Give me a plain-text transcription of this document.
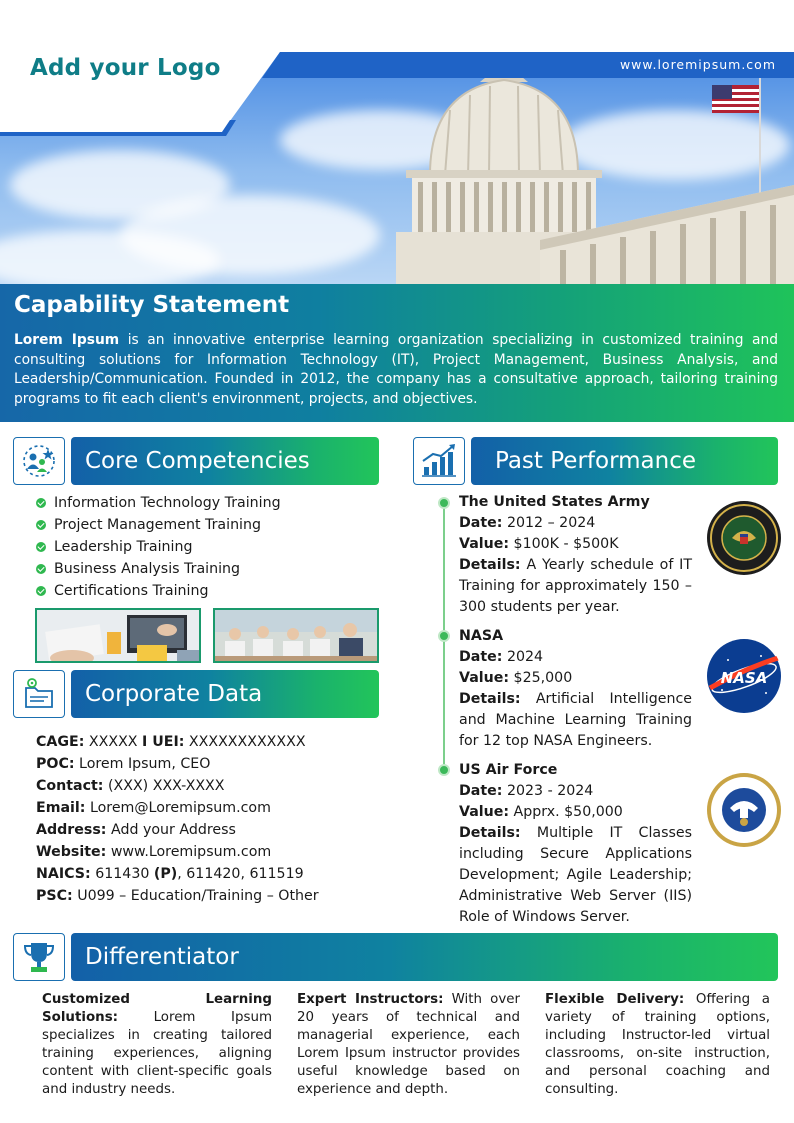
Add your Logo	www.loremipsum.com
Capability Statement

Lorem Ipsum is an innovative enterprise learning organization specializing in customized training and consulting solutions for Information Technology (IT), Project Management, Business Analysis, and Leadership/Communication. Founded in 2012, the company has a consultative approach, tailoring training programs to fit each client's environment, projects, and objectives.

Core Competencies
Information Technology Training
Project Management Training
Leadership Training
Business Analysis Training
Certifications Training
Corporate Data
CAGE: XXXXX I UEI: XXXXXXXXXXXX
POC: Lorem Ipsum, CEO
Contact: (XXX) XXX-XXXX
Email: Lorem@Loremipsum.com
Address: Add your Address
Website: www.Loremipsum.com
NAICS: 611430 (P), 611420, 611519
PSC: U099 – Education/Training – Other
Past Performance
The United States Army
Date: 2012 – 2024
Value: $100K - $500K
Details: A Yearly schedule of IT Training for approximately 150 – 300 students per year.
NASA
Date: 2024
Value: $25,000
Details: Artificial Intelligence and Machine Learning Training for 12 top NASA Engineers.
US Air Force
Date: 2023 - 2024
Value: Apprx. $50,000
Details: Multiple IT Classes including Secure Applications Development; Agile Leadership; Administrative Web Server (IIS) Role of Windows Server.
NASA
Differentiator
Customized Learning Solutions: Lorem Ipsum specializes in creating tailored training experiences, aligning content with client-specific goals and industry needs.
Expert Instructors: With over 20 years of technical and managerial experience, each Lorem Ipsum instructor provides useful knowledge based on experience and depth.
Flexible Delivery: Offering a variety of training options, including Instructor-led virtual classrooms, on-site instruction, and personal coaching and consulting.
